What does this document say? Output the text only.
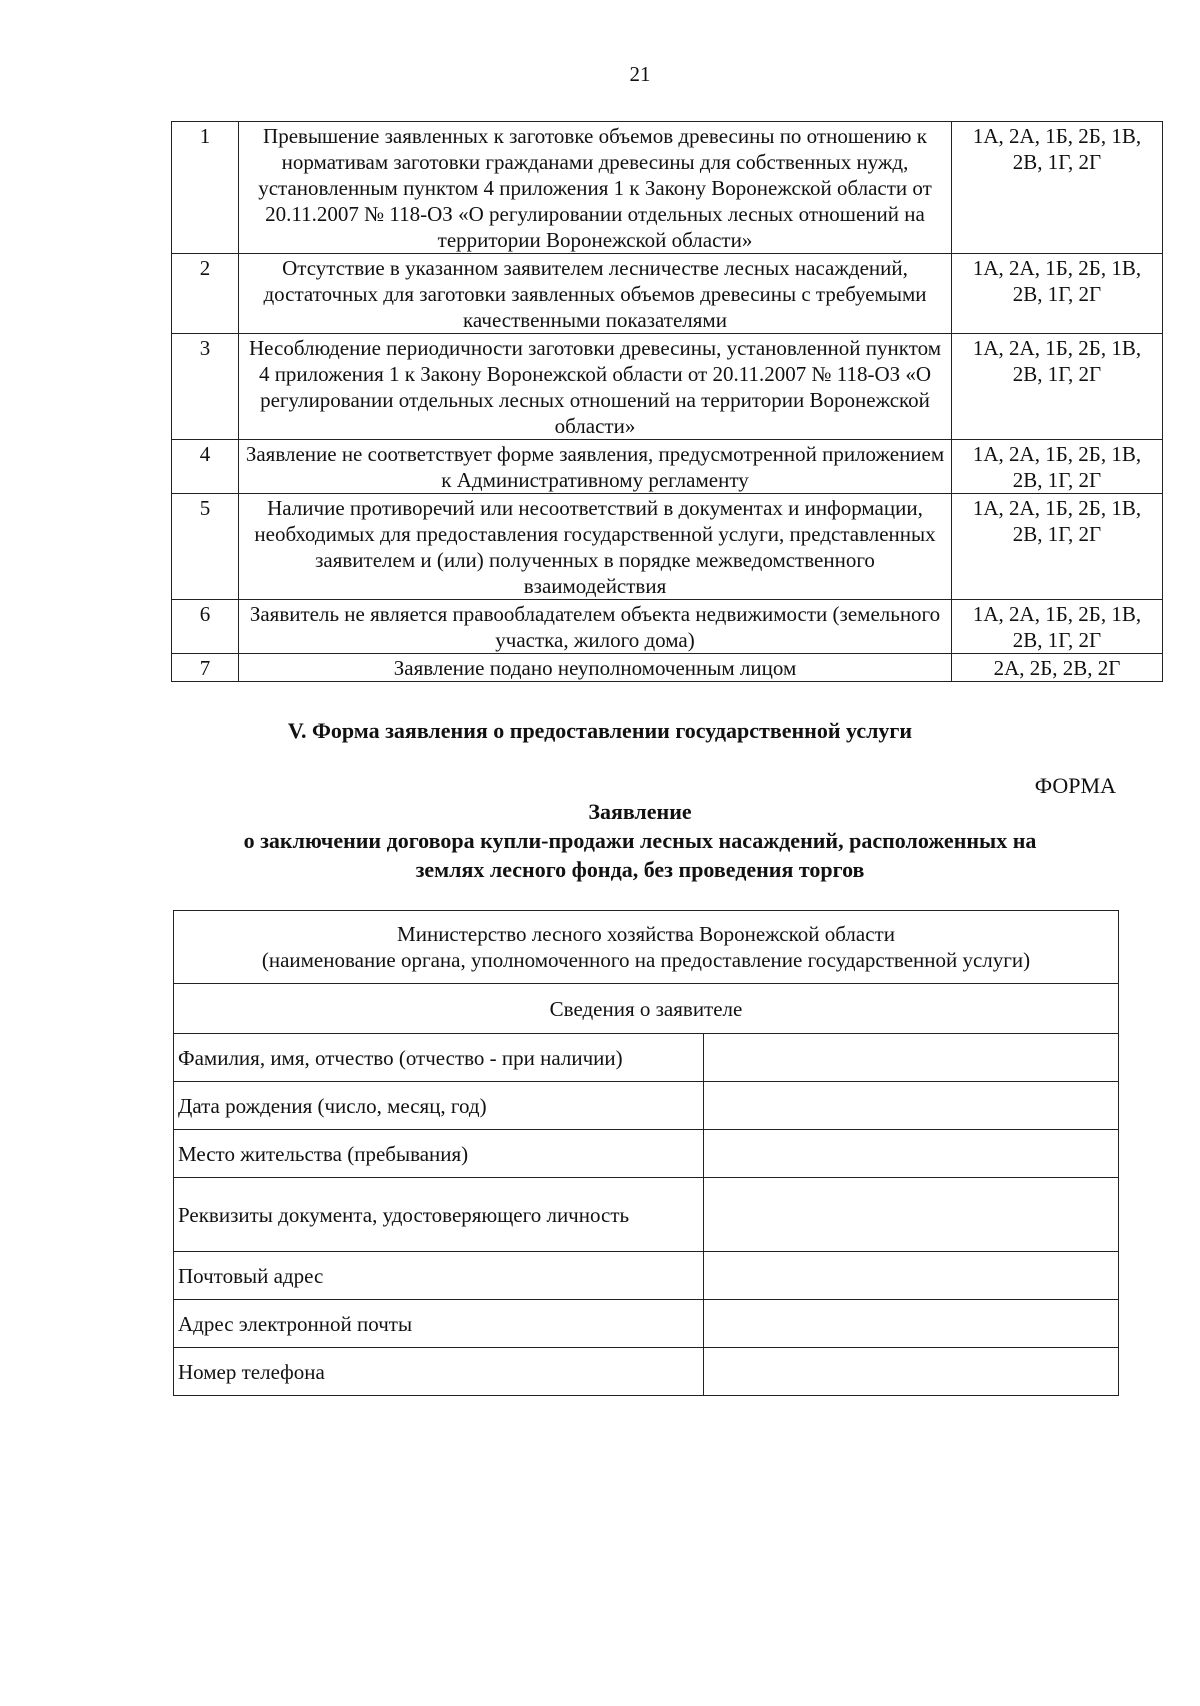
21
1	Превышение заявленных к заготовке объемов древесины по отношению к нормативам заготовки гражданами древесины для собственных нужд, установленным пунктом 4 приложения 1 к Закону Воронежской области от 20.11.2007 № 118-ОЗ «О регулировании отдельных лесных отношений на территории Воронежской области»	1А, 2А, 1Б, 2Б, 1В, 2В, 1Г, 2Г
2	Отсутствие в указанном заявителем лесничестве лесных насаждений, достаточных для заготовки заявленных объемов древесины с требуемыми качественными показателями	1А, 2А, 1Б, 2Б, 1В, 2В, 1Г, 2Г
3	Несоблюдение периодичности заготовки древесины, установленной пунктом 4 приложения 1 к Закону Воронежской области от 20.11.2007 № 118-ОЗ «О регулировании отдельных лесных отношений на территории Воронежской области»	1А, 2А, 1Б, 2Б, 1В, 2В, 1Г, 2Г
4	Заявление не соответствует форме заявления, предусмотренной приложением к Административному регламенту	1А, 2А, 1Б, 2Б, 1В, 2В, 1Г, 2Г
5	Наличие противоречий или несоответствий в документах и информации, необходимых для предоставления государственной услуги, представленных заявителем и (или) полученных в порядке межведомственного взаимодействия	1А, 2А, 1Б, 2Б, 1В, 2В, 1Г, 2Г
6	Заявитель не является правообладателем объекта недвижимости (земельного участка, жилого дома)	1А, 2А, 1Б, 2Б, 1В, 2В, 1Г, 2Г
7	Заявление подано неуполномоченным лицом	2А, 2Б, 2В, 2Г
V. Форма заявления о предоставлении государственной услуги
ФОРМА
Заявление
о заключении договора купли-продажи лесных насаждений, расположенных на
землях лесного фонда, без проведения торгов
Министерство лесного хозяйства Воронежской области
(наименование органа, уполномоченного на предоставление государственной услуги)	

Сведения о заявителе	
Фамилия, имя, отчество (отчество - при наличии)	
Дата рождения (число, месяц, год)	
Место жительства (пребывания)	
Реквизиты документа, удостоверяющего личность	
Почтовый адрес	
Адрес электронной почты	
Номер телефона	
